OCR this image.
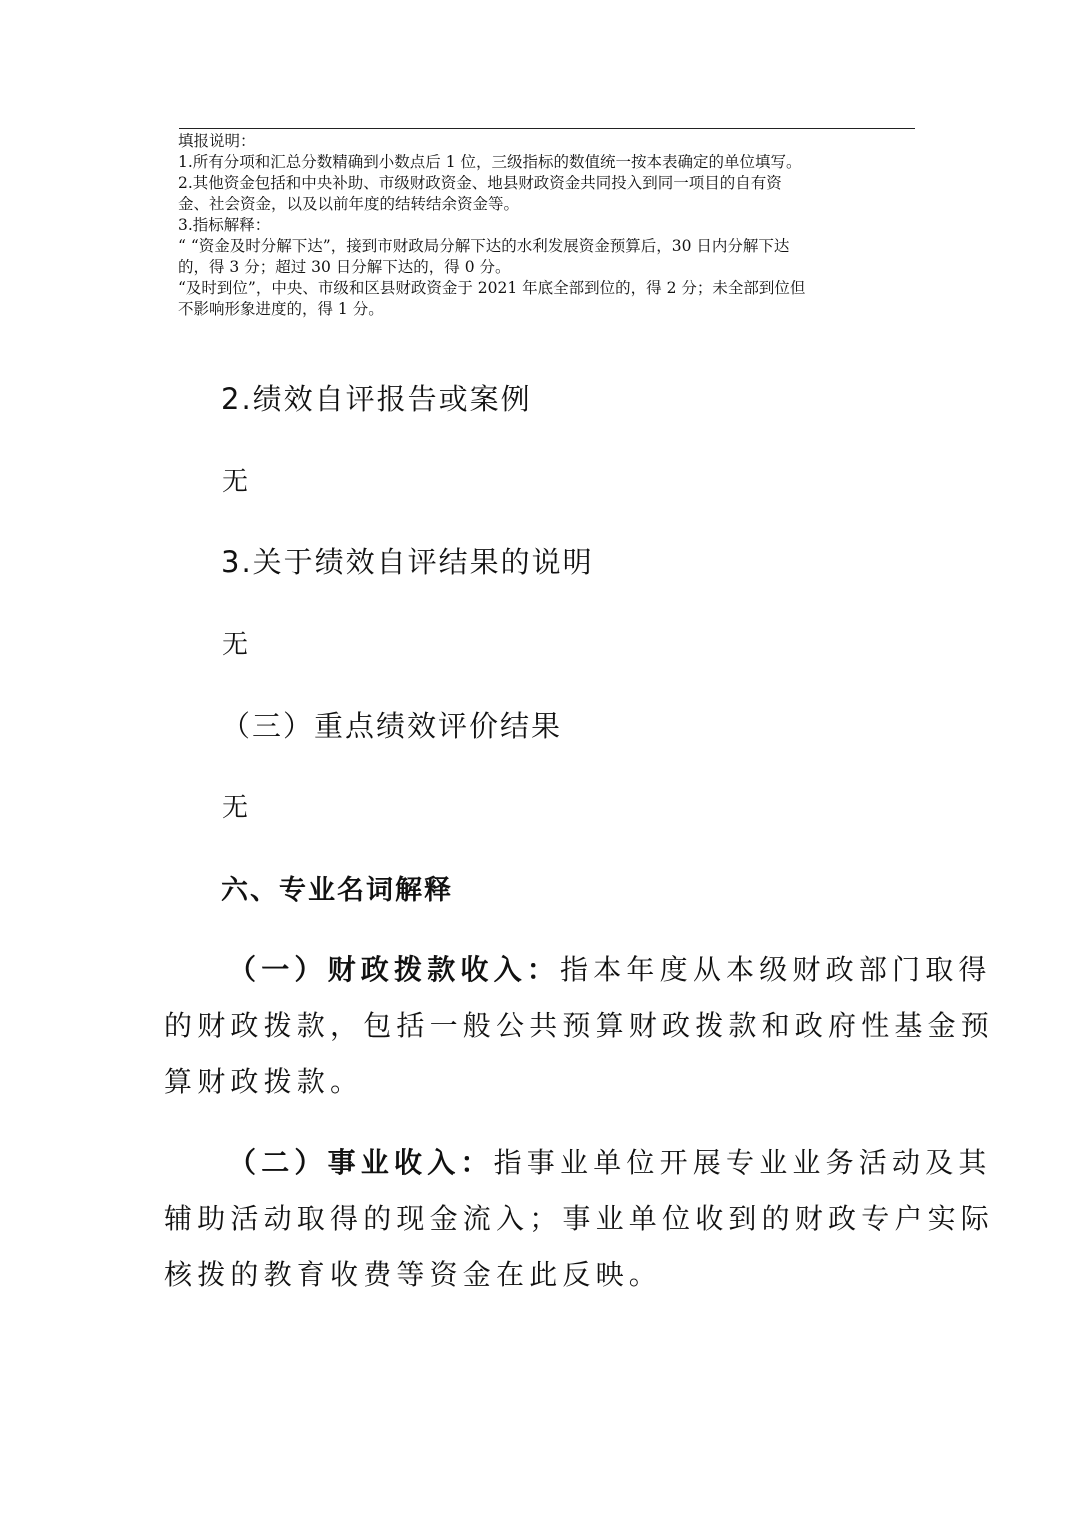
填报说明：
1.所有分项和汇总分数精确到小数点后 1 位，三级指标的数值统一按本表确定的单位填写。
2.其他资金包括和中央补助、市级财政资金、地县财政资金共同投入到同一项目的自有资
金、社会资金，以及以前年度的结转结余资金等。
3.指标解释：
“ “资金及时分解下达”，接到市财政局分解下达的水利发展资金预算后，30 日内分解下达
的，得 3 分；超过 30 日分解下达的，得 0 分。
“及时到位”，中央、市级和区县财政资金于 2021 年底全部到位的，得 2 分；未全部到位但
不影响形象进度的，得 1 分。
2.绩效自评报告或案例
无
3.关于绩效自评结果的说明
无
（三）重点绩效评价结果
无
六、专业名词解释
（一）财政拨款收入：指本年度从本级财政部门取得
的财政拨款，包括一般公共预算财政拨款和政府性基金预
算财政拨款。
（二）事业收入：指事业单位开展专业业务活动及其
辅助活动取得的现金流入；事业单位收到的财政专户实际
核拨的教育收费等资金在此反映。
